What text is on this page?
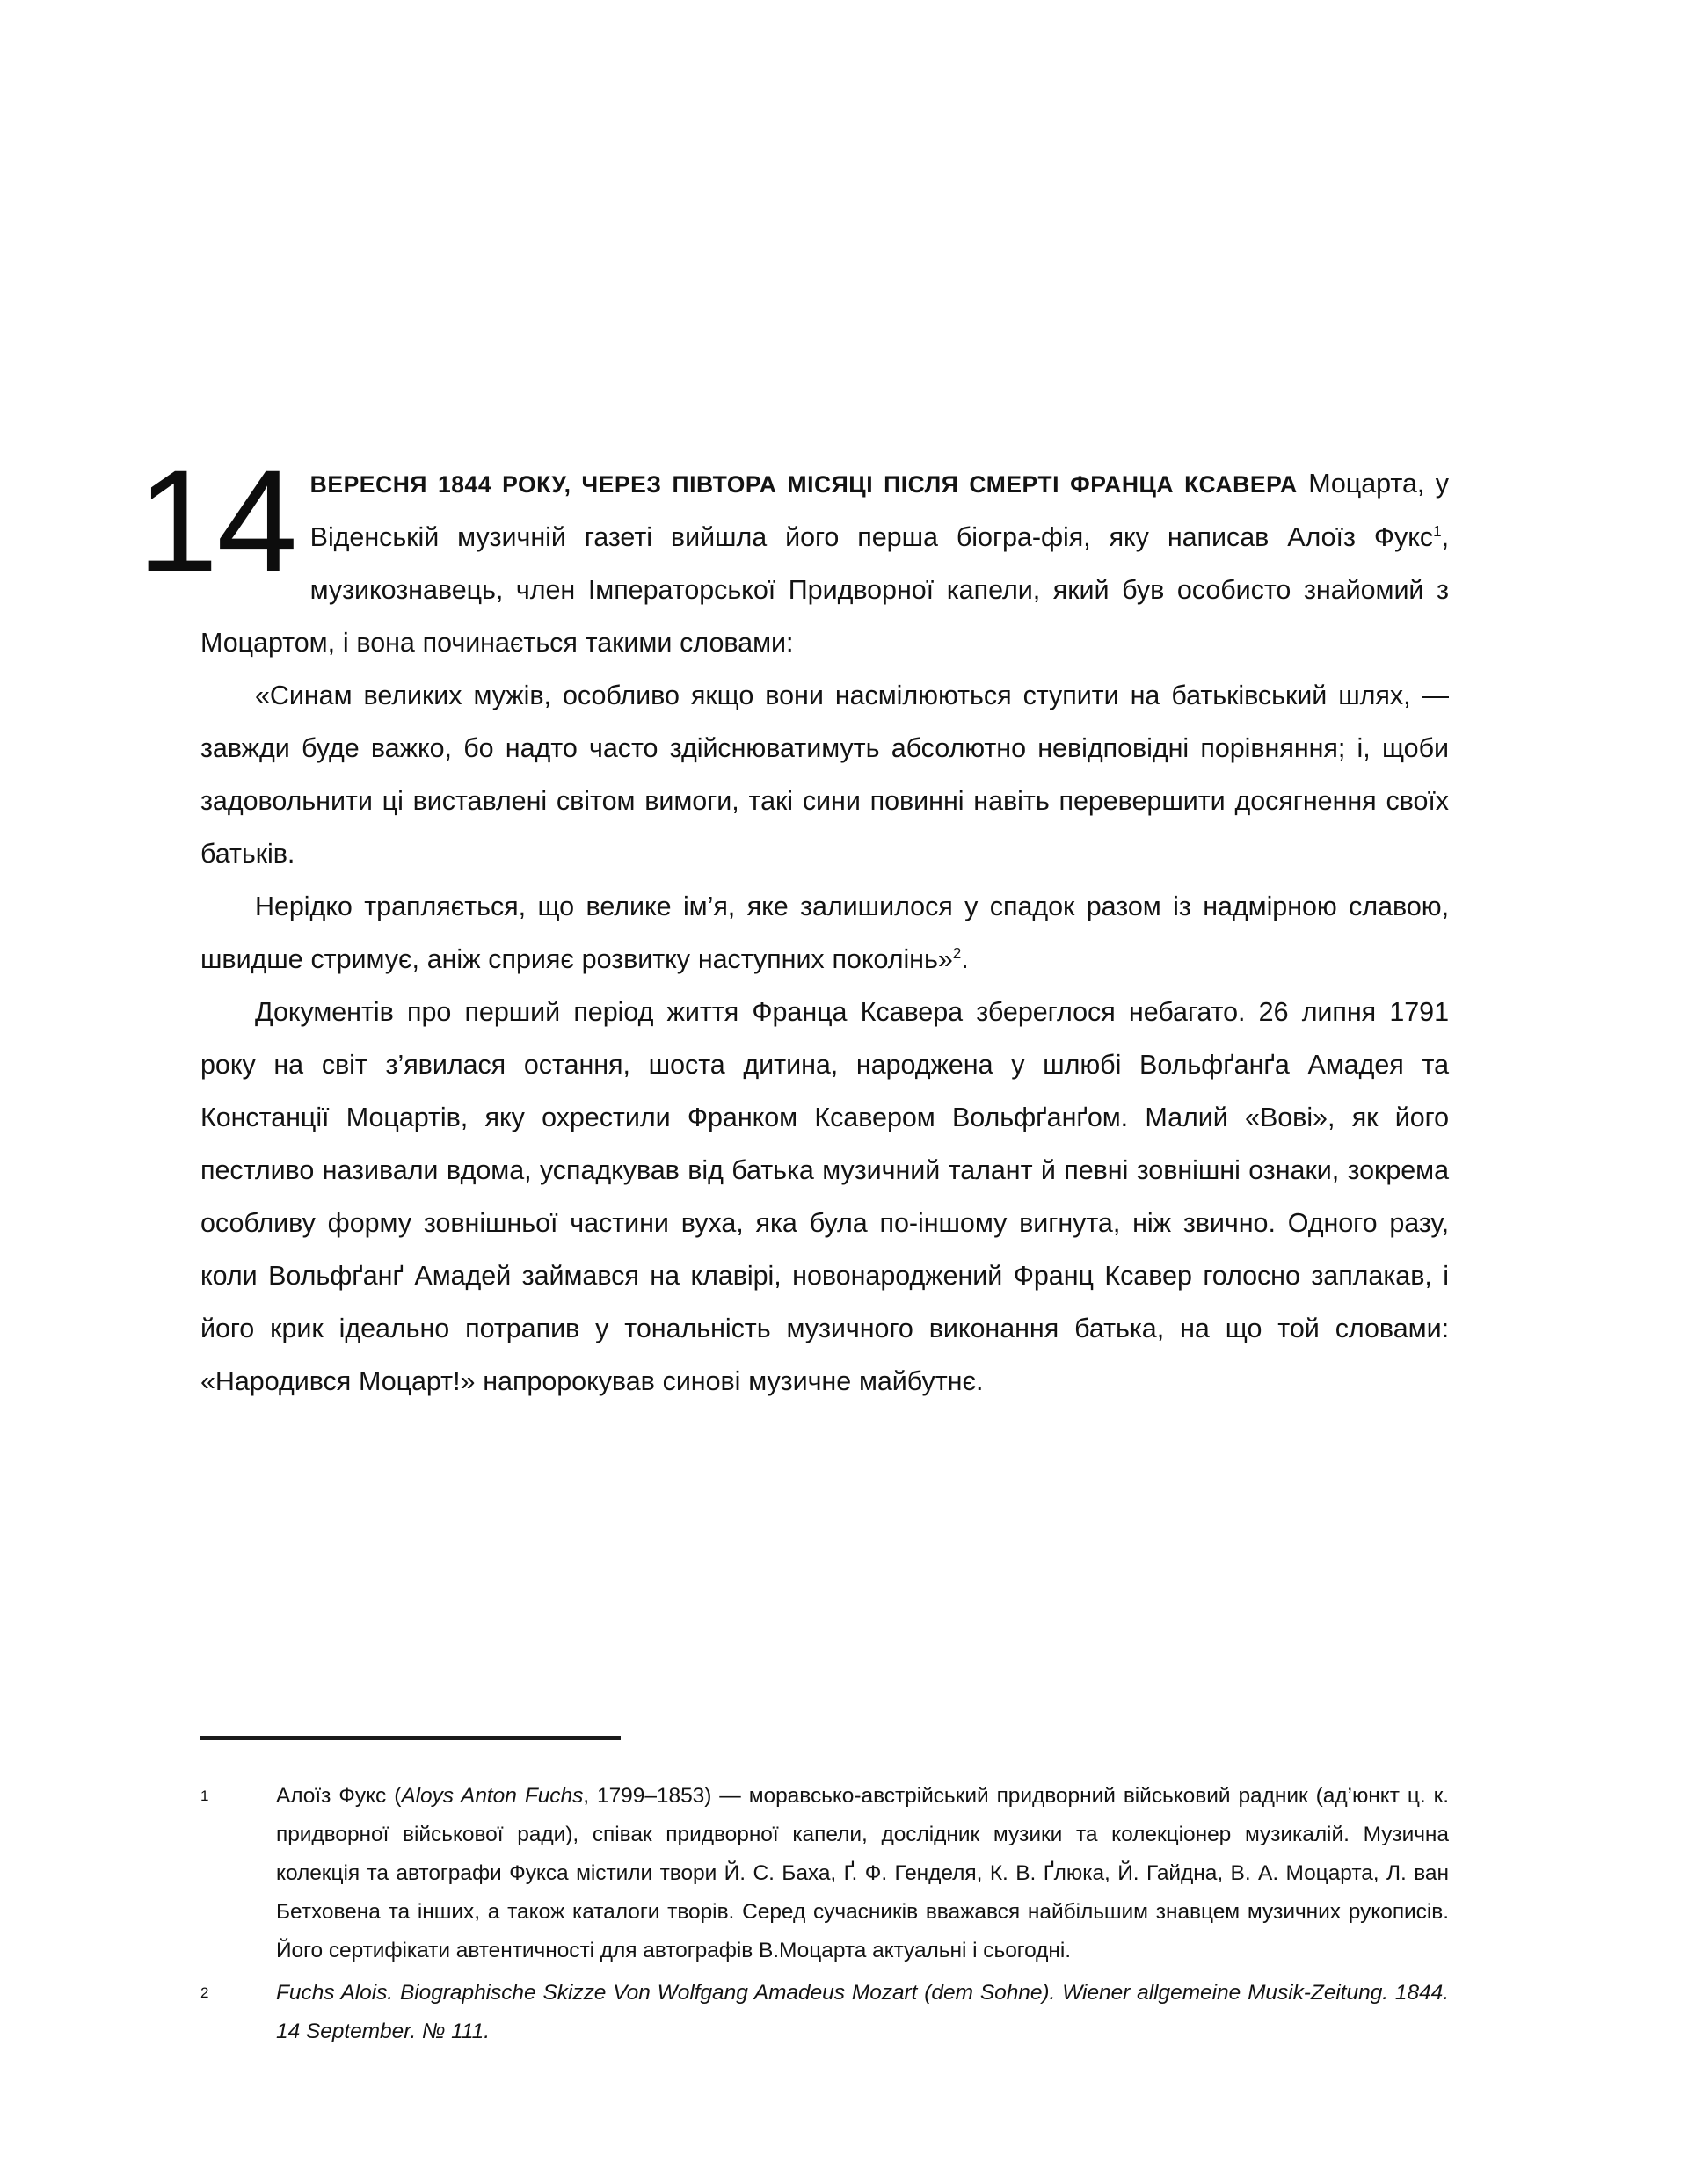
14 ВЕРЕСНЯ 1844 РОКУ, ЧЕРЕЗ ПІВТОРА МІСЯЦІ ПІСЛЯ СМЕРТІ ФРАНЦА КСАВЕРА Моцарта, у Віденській музичній газеті вийшла його перша біогра-фія, яку написав Алоїз Фукс$^1$, музикознавець, член Імператорської Придворної капели, який був особисто знайомий з Моцартом, і вона починається такими словами:

«Синам великих мужів, особливо якщо вони насмілюються ступити на батьківський шлях, — завжди буде важко, бо надто часто здійснюватимуть абсолютно невідповідні порівняння; і, щоби задовольнити ці виставлені світом вимоги, такі сини повинні навіть перевершити досягнення своїх батьків.

Нерідко трапляється, що велике ім’я, яке залишилося у спадок разом із надмірною славою, швидше стримує, аніж сприяє розвитку наступних поколінь»$^2$.

Документів про перший період життя Франца Ксавера збереглося небагато. 26 липня 1791 року на світ з’явилася остання, шоста дитина, народжена у шлюбі Вольфґанґа Амадея та Констанції Моцартів, яку охрестили Франком Ксавером Вольфґанґом. Малий «Вові», як його пестливо називали вдома, успадкував від батька музичний талант й певні зовнішні ознаки, зокрема особливу форму зовнішньої частини вуха, яка була по-іншому вигнута, ніж звично. Одного разу, коли Вольфґанґ Амадей займався на клавірі, новонароджений Франц Ксавер голосно заплакав, і його крик ідеально потрапив у тональність музичного виконання батька, на що той словами: «Народився Моцарт!» напророкував синові музичне майбутнє.

1	Алоїз Фукс (Aloys Anton Fuchs, 1799–1853) — моравсько-австрійський придворний військовий радник (ад’юнкт ц. к. придворної військової ради), співак придворної капели, дослідник музики та колекціонер музикалій. Музична колекція та автографи Фукса містили твори Й. С. Баха, Ґ. Ф. Генделя, К. В. Ґлюка, Й. Гайдна, В. А. Моцарта, Л. ван Бетховена та інших, а також каталоги творів. Серед сучасників вважався найбільшим знавцем музичних рукописів. Його сертифікати автентичності для автографів В.Моцарта актуальні і сьогодні.
2	Fuchs Alois. Biographische Skizze Von Wolfgang Amadeus Mozart (dem Sohne). Wiener allgemeine Musik-Zeitung. 1844. 14 September. № 111.
